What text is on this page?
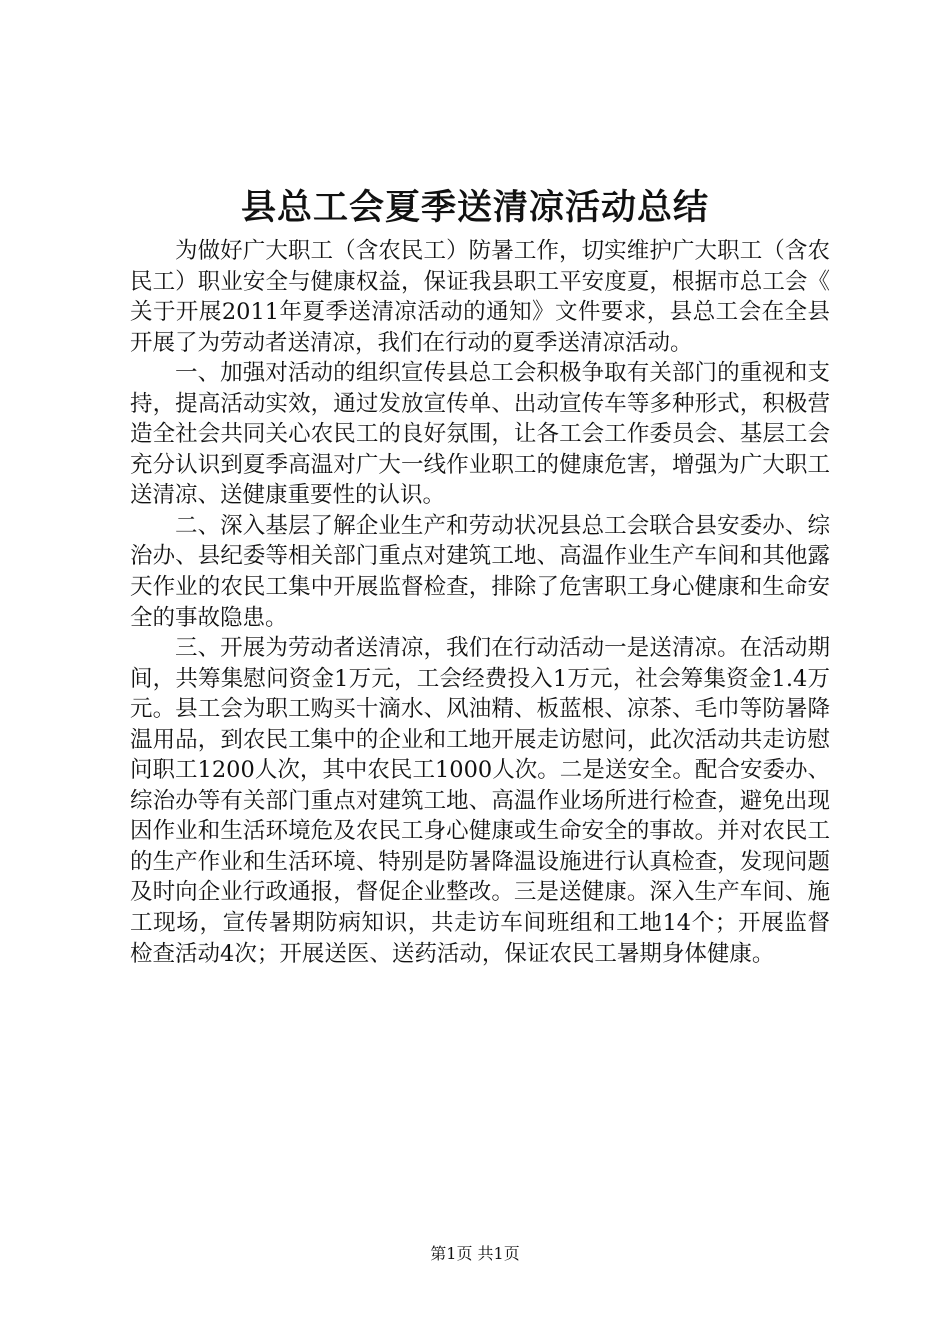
县总工会夏季送清凉活动总结

为做好广大职工（含农民工）防暑工作，切实维护广大职工（含农民工）职业安全与健康权益，保证我县职工平安度夏，根据市总工会《关于开展2011年夏季送清凉活动的通知》文件要求，县总工会在全县开展了为劳动者送清凉，我们在行动的夏季送清凉活动。

一、加强对活动的组织宣传县总工会积极争取有关部门的重视和支持，提高活动实效，通过发放宣传单、出动宣传车等多种形式，积极营造全社会共同关心农民工的良好氛围，让各工会工作委员会、基层工会充分认识到夏季高温对广大一线作业职工的健康危害，增强为广大职工送清凉、送健康重要性的认识。

二、深入基层了解企业生产和劳动状况县总工会联合县安委办、综治办、县纪委等相关部门重点对建筑工地、高温作业生产车间和其他露天作业的农民工集中开展监督检查，排除了危害职工身心健康和生命安全的事故隐患。

三、开展为劳动者送清凉，我们在行动活动一是送清凉。在活动期间，共筹集慰问资金1万元，工会经费投入1万元，社会筹集资金1.4万元。县工会为职工购买十滴水、风油精、板蓝根、凉茶、毛巾等防暑降温用品，到农民工集中的企业和工地开展走访慰问，此次活动共走访慰问职工1200人次，其中农民工1000人次。二是送安全。配合安委办、综治办等有关部门重点对建筑工地、高温作业场所进行检查，避免出现因作业和生活环境危及农民工身心健康或生命安全的事故。并对农民工的生产作业和生活环境、特别是防暑降温设施进行认真检查，发现问题及时向企业行政通报，督促企业整改。三是送健康。深入生产车间、施工现场，宣传暑期防病知识，共走访车间班组和工地14个；开展监督检查活动4次；开展送医、送药活动，保证农民工暑期身体健康。

第1页 共1页
